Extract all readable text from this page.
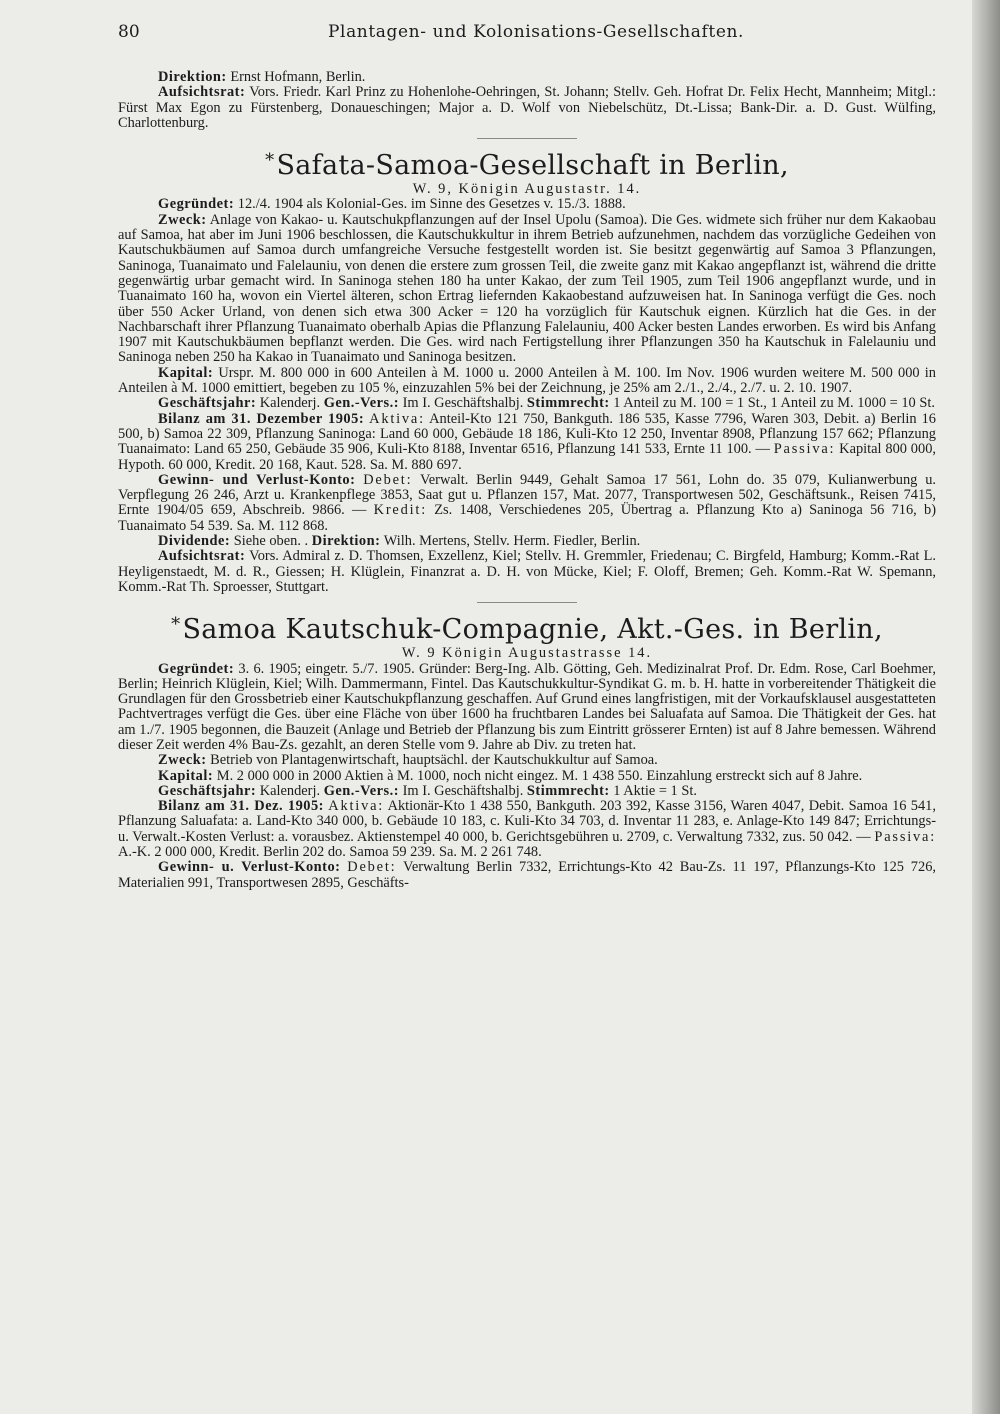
80	Plantagen- und Kolonisations-Gesellschaften.

Direktion: Ernst Hofmann, Berlin.

Aufsichtsrat: Vors. Friedr. Karl Prinz zu Hohenlohe-Oehringen, St. Johann; Stellv. Geh. Hofrat Dr. Felix Hecht, Mannheim; Mitgl.: Fürst Max Egon zu Fürstenberg, Donaueschingen; Major a. D. Wolf von Niebelschütz, Dt.-Lissa; Bank-Dir. a. D. Gust. Wülfing, Charlottenburg.

*Safata-Samoa-Gesellschaft in Berlin,

W. 9, Königin Augustastr. 14.

Gegründet: 12./4. 1904 als Kolonial-Ges. im Sinne des Gesetzes v. 15./3. 1888.

Zweck: Anlage von Kakao- u. Kautschukpflanzungen auf der Insel Upolu (Samoa). Die Ges. widmete sich früher nur dem Kakaobau auf Samoa, hat aber im Juni 1906 beschlossen, die Kautschukkultur in ihrem Betrieb aufzunehmen, nachdem das vorzügliche Gedeihen von Kautschukbäumen auf Samoa durch umfangreiche Versuche festgestellt worden ist. Sie besitzt gegenwärtig auf Samoa 3 Pflanzungen, Saninoga, Tuanaimato und Falelauniu, von denen die erstere zum grossen Teil, die zweite ganz mit Kakao angepflanzt ist, während die dritte gegenwärtig urbar gemacht wird. In Saninoga stehen 180 ha unter Kakao, der zum Teil 1905, zum Teil 1906 angepflanzt wurde, und in Tuanaimato 160 ha, wovon ein Viertel älteren, schon Ertrag liefernden Kakaobestand aufzuweisen hat. In Saninoga verfügt die Ges. noch über 550 Acker Urland, von denen sich etwa 300 Acker = 120 ha vorzüglich für Kautschuk eignen. Kürzlich hat die Ges. in der Nachbarschaft ihrer Pflanzung Tuanaimato oberhalb Apias die Pflanzung Falelauniu, 400 Acker besten Landes erworben. Es wird bis Anfang 1907 mit Kautschukbäumen bepflanzt werden. Die Ges. wird nach Fertigstellung ihrer Pflanzungen 350 ha Kautschuk in Falelauniu und Saninoga neben 250 ha Kakao in Tuanaimato und Saninoga besitzen.

Kapital: Urspr. M. 800 000 in 600 Anteilen à M. 1000 u. 2000 Anteilen à M. 100. Im Nov. 1906 wurden weitere M. 500 000 in Anteilen à M. 1000 emittiert, begeben zu 105 %, einzuzahlen 5% bei der Zeichnung, je 25% am 2./1., 2./4., 2./7. u. 2. 10. 1907.

Geschäftsjahr: Kalenderj. Gen.-Vers.: Im I. Geschäftshalbj. Stimmrecht: 1 Anteil zu M. 100 = 1 St., 1 Anteil zu M. 1000 = 10 St.

Bilanz am 31. Dezember 1905: Aktiva: Anteil-Kto 121 750, Bankguth. 186 535, Kasse 7796, Waren 303, Debit. a) Berlin 16 500, b) Samoa 22 309, Pflanzung Saninoga: Land 60 000, Gebäude 18 186, Kuli-Kto 12 250, Inventar 8908, Pflanzung 157 662; Pflanzung Tuanaimato: Land 65 250, Gebäude 35 906, Kuli-Kto 8188, Inventar 6516, Pflanzung 141 533, Ernte 11 100. — Passiva: Kapital 800 000, Hypoth. 60 000, Kredit. 20 168, Kaut. 528. Sa. M. 880 697.

Gewinn- und Verlust-Konto: Debet: Verwalt. Berlin 9449, Gehalt Samoa 17 561, Lohn do. 35 079, Kulianwerbung u. Verpflegung 26 246, Arzt u. Krankenpflege 3853, Saat gut u. Pflanzen 157, Mat. 2077, Transportwesen 502, Geschäftsunk., Reisen 7415, Ernte 1904/05 659, Abschreib. 9866. — Kredit: Zs. 1408, Verschiedenes 205, Übertrag a. Pflanzung Kto a) Saninoga 56 716, b) Tuanaimato 54 539. Sa. M. 112 868.

Dividende: Siehe oben. . Direktion: Wilh. Mertens, Stellv. Herm. Fiedler, Berlin.

Aufsichtsrat: Vors. Admiral z. D. Thomsen, Exzellenz, Kiel; Stellv. H. Gremmler, Friedenau; C. Birgfeld, Hamburg; Komm.-Rat L. Heyligenstaedt, M. d. R., Giessen; H. Klüglein, Finanzrat a. D. H. von Mücke, Kiel; F. Oloff, Bremen; Geh. Komm.-Rat W. Spemann, Komm.-Rat Th. Sproesser, Stuttgart.

*Samoa Kautschuk-Compagnie, Akt.-Ges. in Berlin,

W. 9 Königin Augustastrasse 14.

Gegründet: 3. 6. 1905; eingetr. 5./7. 1905. Gründer: Berg-Ing. Alb. Götting, Geh. Medizinalrat Prof. Dr. Edm. Rose, Carl Boehmer, Berlin; Heinrich Klüglein, Kiel; Wilh. Dammermann, Fintel. Das Kautschukkultur-Syndikat G. m. b. H. hatte in vorbereitender Thätigkeit die Grundlagen für den Grossbetrieb einer Kautschukpflanzung geschaffen. Auf Grund eines langfristigen, mit der Vorkaufsklausel ausgestatteten Pachtvertrages verfügt die Ges. über eine Fläche von über 1600 ha fruchtbaren Landes bei Saluafata auf Samoa. Die Thätigkeit der Ges. hat am 1./7. 1905 begonnen, die Bauzeit (Anlage und Betrieb der Pflanzung bis zum Eintritt grösserer Ernten) ist auf 8 Jahre bemessen. Während dieser Zeit werden 4% Bau-Zs. gezahlt, an deren Stelle vom 9. Jahre ab Div. zu treten hat.

Zweck: Betrieb von Plantagenwirtschaft, hauptsächl. der Kautschukkultur auf Samoa.

Kapital: M. 2 000 000 in 2000 Aktien à M. 1000, noch nicht eingez. M. 1 438 550. Einzahlung erstreckt sich auf 8 Jahre.

Geschäftsjahr: Kalenderj. Gen.-Vers.: Im I. Geschäftshalbj. Stimmrecht: 1 Aktie = 1 St.

Bilanz am 31. Dez. 1905: Aktiva: Aktionär-Kto 1 438 550, Bankguth. 203 392, Kasse 3156, Waren 4047, Debit. Samoa 16 541, Pflanzung Saluafata: a. Land-Kto 340 000, b. Gebäude 10 183, c. Kuli-Kto 34 703, d. Inventar 11 283, e. Anlage-Kto 149 847; Errichtungs- u. Verwalt.-Kosten Verlust: a. vorausbez. Aktienstempel 40 000, b. Gerichtsgebühren u. 2709, c. Verwaltung 7332, zus. 50 042. — Passiva: A.-K. 2 000 000, Kredit. Berlin 202 do. Samoa 59 239. Sa. M. 2 261 748.

Gewinn- u. Verlust-Konto: Debet: Verwaltung Berlin 7332, Errichtungs-Kto 42 Bau-Zs. 11 197, Pflanzungs-Kto 125 726, Materialien 991, Transportwesen 2895, Geschäfts-
